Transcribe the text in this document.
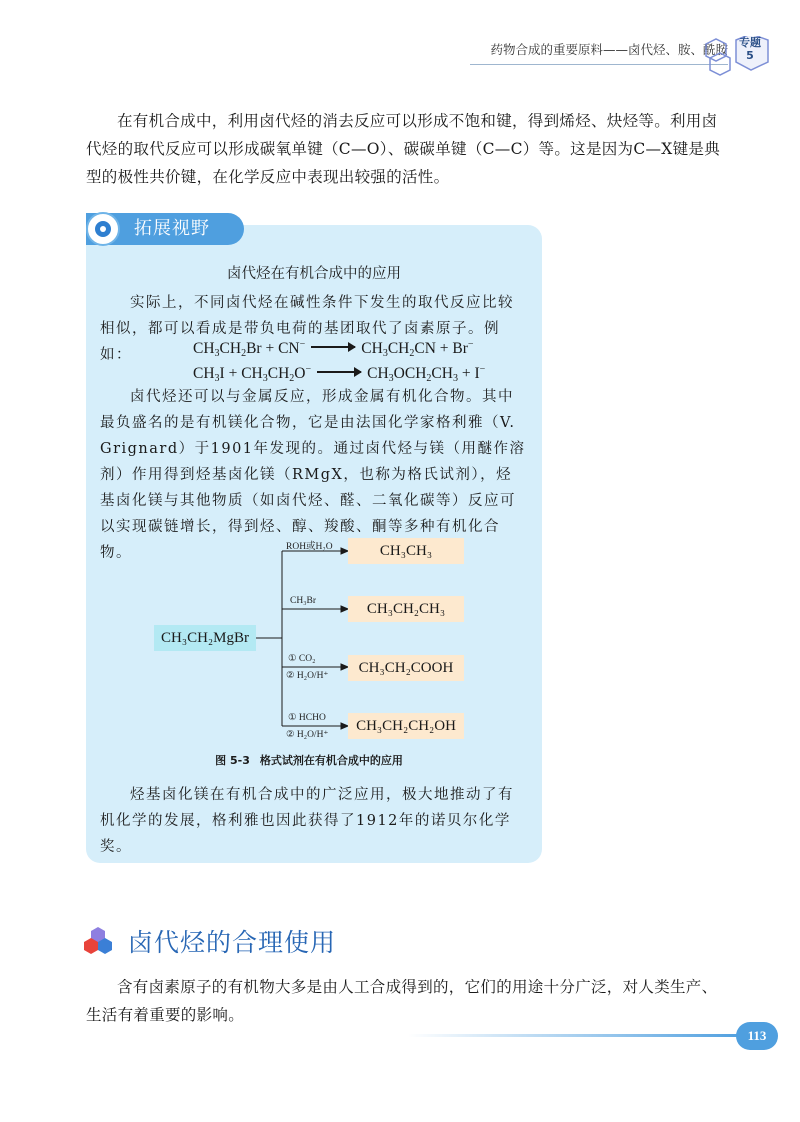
药物合成的重要原料——卤代烃、胺、酰胺	专题
5
在有机合成中，利用卤代烃的消去反应可以形成不饱和键，得到烯烃、炔烃等。利用卤代烃的取代反应可以形成碳氧单键（C—O）、碳碳单键（C—C）等。这是因为C—X键是典型的极性共价键，在化学反应中表现出较强的活性。
拓展视野
卤代烃在有机合成中的应用
实际上，不同卤代烃在碱性条件下发生的取代反应比较相似，都可以看成是带负电荷的基团取代了卤素原子。例如：	$CH_3CH_2Br + CN^- \to CH_3CH_2CN + Br^-$
$CH_3I + CH_3CH_2O^- \to CH_3OCH_2CH_3 + I^-$
卤代烃还可以与金属反应，形成金属有机化合物。其中最负盛名的是有机镁化合物，它是由法国化学家格利雅（V. Grignard）于1901年发现的。通过卤代烃与镁（用醚作溶剂）作用得到烃基卤化镁（RMgX，也称为格氏试剂），烃基卤化镁与其他物质（如卤代烃、醛、二氧化碳等）反应可以实现碳链增长，得到烃、醇、羧酸、酮等多种有机化合物。
CH₃CH₂MgBr
ROH或H₂O	CH₃CH₃
CH₃Br	CH₃CH₂CH₃
① CO₂
② H₂O/H⁺	CH₃CH₂COOH
① HCHO
② H₂O/H⁺
CH₃CH₂CH₂OH
图 5-3 格式试剂在有机合成中的应用
烃基卤化镁在有机合成中的广泛应用，极大地推动了有机化学的发展，格利雅也因此获得了1912年的诺贝尔化学奖。
卤代烃的合理使用
含有卤素原子的有机物大多是由人工合成得到的，它们的用途十分广泛，对人类生产、生活有着重要的影响。
113
